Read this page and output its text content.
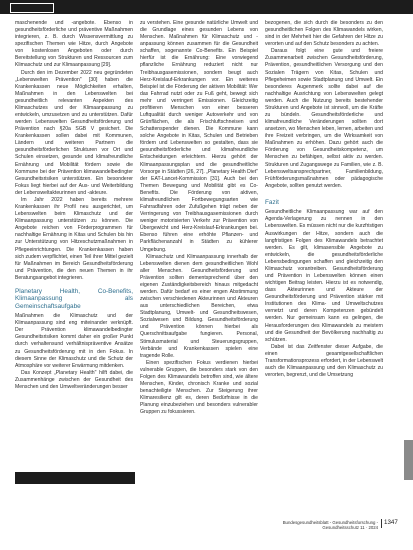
maschenende und -angebote. Ebenso in gesundheitsförderliche und präventive Maßnahmen integrieren, z. B. durch Wissensvermittlung zu spezifischen Themen wie Hitze, durch Angebote von kostenlosen Angeboten oder durch Bereitstellung von Strukturen und Ressourcen zum Klimaschutz und zur Klimaanpassung [29].

Durch den im Dezember 2022 neu gegründeten „Lebenswelten Prävention" [30] haben die Krankenkassen neue Möglichkeiten erhalten, Maßnahmen in den Lebenswelten bei gesundheitlich relevanten Aspekten des Klimaschutzes und der Klimaanpassung zu entwickeln, umzusetzen und zu unterstützen. Dafür werden Lebenswelten Gesundheitsförderung und Prävention nach §20a SGB V gesichert. Die Krankenkassen sollen dabei mit Kommunen, Ländern und weiteren Partnern die gesundheitsförderlichen Strukturen vor Ort und Schulen einsetzen, gesunde und klimafreundliche Ernährung und Mobilität fördern sowie die Kommune bei der Prävention klimawandelbedingter Gesundheitsrisiken unterstützen. Ein besonderer Fokus liegt hierbei auf der Aus- und Weiterbildung der Lebensweltakteurinnen und -akteure.

Im Jahr 2022 haben bereits mehrere Krankenkassen ihr Profil neu ausgerichtet, um Lebenswelten beim Klimaschutz und der Klimaanpassung unterstützen zu können. Die Angebote reichen von Förderprogrammen für nachhaltige Ernährung in Kitas und Schulen bis hin zur Unterstützung von Hitzeschutzmaßnahmen in Pflegeeinrichtungen. Die Krankenkassen haben sich zudem verpflichtet, einen Teil ihrer Mittel gezielt für Maßnahmen im Bereich Gesundheitsförderung und Prävention, die den neuen Themen in ihr Beratungsangebot integrieren.

Planetary Health, Co-Benefits, Klimaanpassung als Gemeinschaftsaufgabe

Maßnahmen die Klimaschutz und der Klimaanpassung sind eng miteinander verknüpft. Der Prävention klimawandelbedingter Gesundheitsrisiken kommt daher ein großer Punkt durch verhaltensund verhältnispräventive Ansätze zu Gesundheitsförderung mit in den Fokus. In diesem Sinne der Klimaschutz und die Schutz der Atmosphäre vor weiterer Erwärmung mitdenken.

Das Konzept „Planetary Health" hilft dabei, die Zusammenhänge zwischen der Gesundheit des Menschen und den Umweltveränderungen besser

zu verstehen. Eine gesunde natürliche Umwelt und die Grundlage eines gesunden Lebens von Menschen. Maßnahmen für Klimaschutz und -anpassung können zusammen für die Gesundheit schaffen, sogenannte Co-Benefits. Ein Beispiel hierfür ist die Ernährung: Eine vorwiegend pflanzliche Ernährung reduziert nicht nur Treibhausgasemissionen, sondern beugt auch Herz-Kreislauf-Erkrankungen vor. Ein weiteres Beispiel ist die Förderung der aktiven Mobilität: Wer das Fahrrad nutzt oder zu Fuß geht, bewegt sich mehr und verringert Emissionen. Gleichzeitig profitieren Menschen von einer besseren Luftqualität durch weniger Autoverkehr und von Grünflächen, die als Frischluftschneisen und Schattenspender dienen. Die Kommune kann solche Angebote in Kitas, Schulen und Betrieben fördern und Lebenswelten so gestalten, dass sie gesundheitsförderliche und klimafreundliche Entscheidungen erleichtern. Hierzu gehört der Klimaanpassungsplan und die gesundheitliche Vorsorge in Städten [26, 27]. „Planetary Health Diet" der EAT-Lancet-Kommission [31]. Auch bei den Themen Bewegung und Mobilität gibt es Co-Benefits. Die Förderung von aktiven, klimafreundlichen Fortbewegungsarten wie Fahrradfahren oder Zufußgehen trägt neben der Verringerung von Treibhausgasemissionen durch weniger motorisierten Verkehr zur Prävention von Übergewicht und Herz-Kreislauf-Erkrankungen bei. Ebenso führen eine erhöhte Pflanzen- und Parkflächenanzahl in Städten zu kühlerer Umgebung.

Klimaschutz und Klimaanpassung innerhalb der Lebenswelten dienen dem gesundheitlichen Wohl aller Menschen. Gesundheitsförderung und Prävention sollten dementsprechend über den eigenen Zuständigkeitsbereich hinaus mitgedacht werden. Dafür bedarf es einer engen Abstimmung zwischen verschiedenen Akteurinnen und Akteuren aus unterschiedlichen Bereichen, etwa Stadtplanung, Umwelt- und Gesundheitswesen, Sozialwesen und Bildung. Gesundheitsförderung und Prävention können hierbei als Querschnittsaufgabe fungieren. Personal, Stimulusmaterial und Steuerungsgruppen, Verbände und Krankenkassen spielen eine tragende Rolle.

Einen spezifischen Fokus verdienen hierbei vulnerable Gruppen, die besonders stark von den Folgen des Klimawandels betroffen sind, wie ältere Menschen, Kinder, chronisch Kranke und sozial benachteiligte Menschen. Zur Steigerung ihrer Klimaresilienz gilt es, deren Bedürfnisse in die Planung einzubeziehen und besonders vulnerabler Gruppen zu fokussieren.

bezogenen, die sich durch die besonders zu den gesundheitlichen Folgen des Klimawandels wirken, sind in der Mehrheit hier die Gefahren der Hitze zu verorten und auf den Schutz besonders zu achten.

Daraus folgt eine gute und freiere Zusammenarbeit zwischen Gesundheitsförderung, Prävention, gesundheitlichen Versorgung und den Sozialen Trägern von Kitas, Schulen und Pflegeheimen sowie Stadtplanung und Umwelt. Ein besonderes Augenmerk sollte dabei auf die nachhaltige Ausrichtung von Lebenswelten gelegt werden. Auch die Nutzung bereits bestehender Strukturen und Angebote ist sinnvoll, um die Kräfte zu bündeln. Gesundheitsförderliche und klimafreundliche Veränderungen sollten dort ansetzen, wo Menschen leben, lernen, arbeiten und ihre Freizeit verbringen, um die Wirksamkeit von Maßnahmen zu erhöhen. Dazu gehört auch die Förderung von Gesundheitskompetenz, um Menschen zu befähigen, selbst aktiv zu werden. Strukturen und Zugangswege zu Familien, wie z. B. Lebensweltsansprechpartner, Familienbildung, Frühförderungsmaßnahmen oder pädagogische Angebote, sollten genutzt werden.

Fazit

Gesundheitliche Klimaanpassung war auf den Agenda-Verlagerung zu nennen in den Lebenswelten. Es müssen nicht nur die kurzfristigen Auswirkungen der Hitze, sondern auch die langfristigen Folgen des Klimawandels betrachtet werden. Es gilt, klimasensible Angebote zu entwickeln, die gesundheitsförderliche Lebensbedingungen schaffen und gleichzeitig den Klimaschutz vorantreiben. Gesundheitsförderung und Prävention in Lebenswelten können einen wichtigen Beitrag leisten. Hierzu ist es notwendig, dass Akteurinnen und Akteure der Gesundheitsförderung und Prävention stärker mit Institutionen des Klima- und Umweltschutzes vernetzt und deren Kompetenzen gebündelt werden. Nur gemeinsam kann es gelingen, die Herausforderungen des Klimawandels zu meistern und die Gesundheit der Bevölkerung nachhaltig zu schützen.

Dabei ist das Zeitfenster dieser Aufgabe, die einen gesamtgesellschaftlichen Transformationsprozess erfordert, in der Lebenswelt auch die Klimaanpassung und den Klimaschutz zu verorten, begrenzt, und die Umsetzung

Bundesgesundheitsblatt - Gesundheitsforschung - Gesundheitsschutz 11 · 2024
1347
